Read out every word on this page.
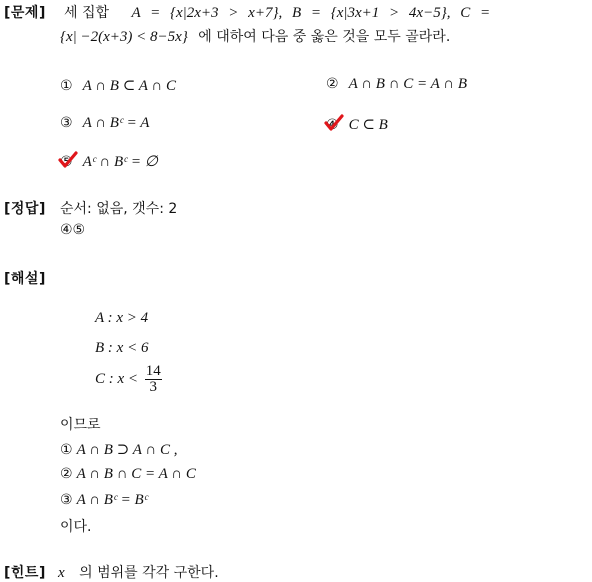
[문제]
[정답]
[해설]
[힌트]
세 집합 A = {x|2x+3 > x+7}, B = {x|3x+1 > 4x−5}, C =
{x| −2(x+3) < 8−5x} 에 대하여 다음 중 옳은 것을 모두 골라라.
① A ∩ B ⊂ A ∩ C	② A ∩ B ∩ C = A ∩ B
③ A ∩ Bᶜ = A	④ C ⊂ B
⑤ Aᶜ ∩ Bᶜ = ∅
순서: 없음, 갯수: 2
④⑤
A : x > 4
B : x < 6
C : $x < \frac{14}{3}$
이므로
① A ∩ B ⊃ A ∩ C ,
② A ∩ B ∩ C = A ∩ C
③ A ∩ Bᶜ = Bᶜ
이다.
x 의 범위를 각각 구한다.
